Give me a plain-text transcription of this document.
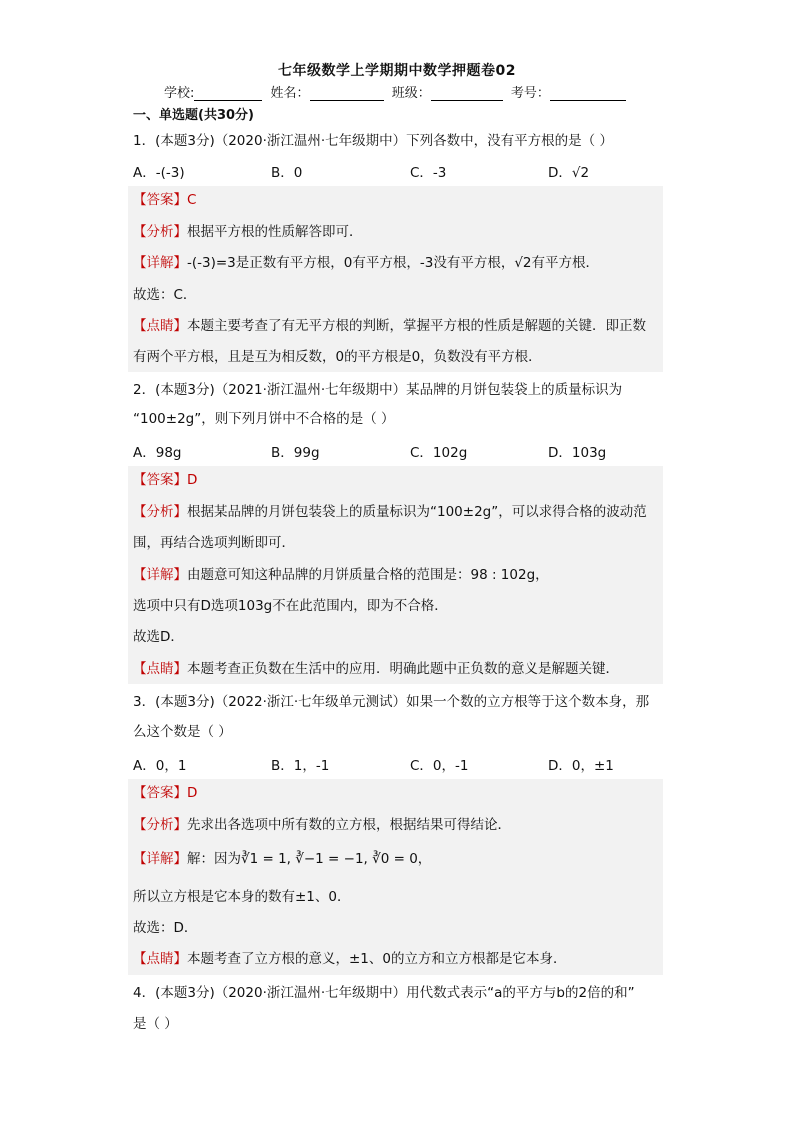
七年级数学上学期期中数学押题卷02
学校:	姓名：	班级：	考号：
一、单选题(共30分)
1．(本题3分)（2020·浙江温州·七年级期中）下列各数中，没有平方根的是（ ）
A．-(-3)	B．0	C．-3	D．√2
【答案】C
【分析】根据平方根的性质解答即可．
【详解】-(-3)=3是正数有平方根，0有平方根，-3没有平方根，√2有平方根．
故选：C．
【点睛】本题主要考查了有无平方根的判断，掌握平方根的性质是解题的关键．即正数
有两个平方根，且是互为相反数，0的平方根是0，负数没有平方根．
2．(本题3分)（2021·浙江温州·七年级期中）某品牌的月饼包装袋上的质量标识为
“100±2g”，则下列月饼中不合格的是（ ）
A．98g	B．99g	C．102g	D．103g
【答案】D
【分析】根据某品牌的月饼包装袋上的质量标识为“100±2g”，可以求得合格的波动范
围，再结合选项判断即可．
【详解】由题意可知这种品牌的月饼质量合格的范围是：98 : 102g，
选项中只有D选项103g不在此范围内，即为不合格．
故选D．
【点睛】本题考查正负数在生活中的应用．明确此题中正负数的意义是解题关键．
3．(本题3分)（2022·浙江·七年级单元测试）如果一个数的立方根等于这个数本身，那
么这个数是（ ）
A．0，1	B．1，-1	C．0，-1	D．0，±1
【答案】D
【分析】先求出各选项中所有数的立方根，根据结果可得结论．
【详解】解：因为∛1 = 1, ∛−1 = −1, ∛0 = 0，
所以立方根是它本身的数有±1、0．
故选：D．
【点睛】本题考查了立方根的意义，±1、0的立方和立方根都是它本身．
4．(本题3分)（2020·浙江温州·七年级期中）用代数式表示“a的平方与b的2倍的和”
是（ ）
